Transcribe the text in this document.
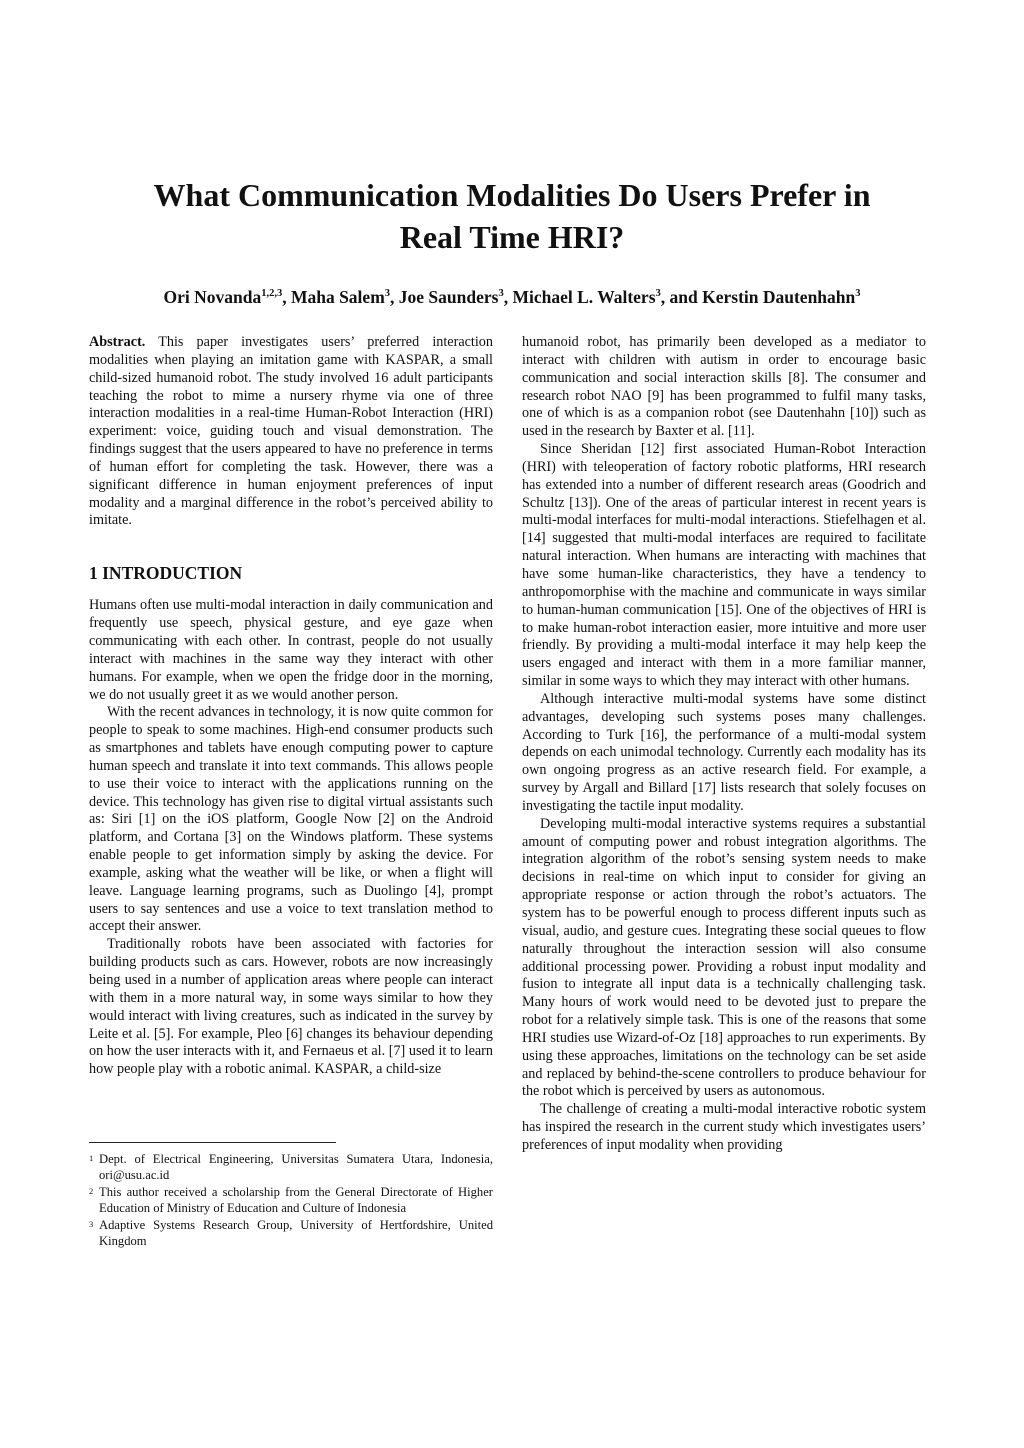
What Communication Modalities Do Users Prefer in
Real Time HRI?
Ori Novanda$^{1,2,3}$, Maha Salem$^3$, Joe Saunders$^3$, Michael L. Walters$^3$, and Kerstin Dautenhahn$^3$

Abstract. This paper investigates users’ preferred interaction modalities when playing an imitation game with KASPAR, a small child-sized humanoid robot. The study involved 16 adult participants teaching the robot to mime a nursery rhyme via one of three interaction modalities in a real-time Human-Robot Interaction (HRI) experiment: voice, guiding touch and visual demonstration. The findings suggest that the users appeared to have no preference in terms of human effort for completing the task. However, there was a significant difference in human enjoyment preferences of input modality and a marginal difference in the robot’s perceived ability to imitate.

1 INTRODUCTION

Humans often use multi-modal interaction in daily communication and frequently use speech, physical gesture, and eye gaze when communicating with each other. In contrast, people do not usually interact with machines in the same way they interact with other humans. For example, when we open the fridge door in the morning, we do not usually greet it as we would another person.

With the recent advances in technology, it is now quite common for people to speak to some machines. High-end consumer products such as smartphones and tablets have enough computing power to capture human speech and translate it into text commands. This allows people to use their voice to interact with the applications running on the device. This technology has given rise to digital virtual assistants such as: Siri [1] on the iOS platform, Google Now [2] on the Android platform, and Cortana [3] on the Windows platform. These systems enable people to get information simply by asking the device. For example, asking what the weather will be like, or when a flight will leave. Language learning programs, such as Duolingo [4], prompt users to say sentences and use a voice to text translation method to accept their answer.

Traditionally robots have been associated with factories for building products such as cars. However, robots are now increasingly being used in a number of application areas where people can interact with them in a more natural way, in some ways similar to how they would interact with living creatures, such as indicated in the survey by Leite et al. [5]. For example, Pleo [6] changes its behaviour depending on how the user interacts with it, and Fernaeus et al. [7] used it to learn how people play with a robotic animal. KASPAR, a child-size

humanoid robot, has primarily been developed as a mediator to interact with children with autism in order to encourage basic communication and social interaction skills [8]. The consumer and research robot NAO [9] has been programmed to fulfil many tasks, one of which is as a companion robot (see Dautenhahn [10]) such as used in the research by Baxter et al. [11].

Since Sheridan [12] first associated Human-Robot Interaction (HRI) with teleoperation of factory robotic platforms, HRI research has extended into a number of different research areas (Goodrich and Schultz [13]). One of the areas of particular interest in recent years is multi-modal interfaces for multi-modal interactions. Stiefelhagen et al. [14] suggested that multi-modal interfaces are required to facilitate natural interaction. When humans are interacting with machines that have some human-like characteristics, they have a tendency to anthropomorphise with the machine and communicate in ways similar to human-human communication [15]. One of the objectives of HRI is to make human-robot interaction easier, more intuitive and more user friendly. By providing a multi-modal interface it may help keep the users engaged and interact with them in a more familiar manner, similar in some ways to which they may interact with other humans.

Although interactive multi-modal systems have some distinct advantages, developing such systems poses many challenges. According to Turk [16], the performance of a multi-modal system depends on each unimodal technology. Currently each modality has its own ongoing progress as an active research field. For example, a survey by Argall and Billard [17] lists research that solely focuses on investigating the tactile input modality.

Developing multi-modal interactive systems requires a substantial amount of computing power and robust integration algorithms. The integration algorithm of the robot’s sensing system needs to make decisions in real-time on which input to consider for giving an appropriate response or action through the robot’s actuators. The system has to be powerful enough to process different inputs such as visual, audio, and gesture cues. Integrating these social queues to flow naturally throughout the interaction session will also consume additional processing power. Providing a robust input modality and fusion to integrate all input data is a technically challenging task. Many hours of work would need to be devoted just to prepare the robot for a relatively simple task. This is one of the reasons that some HRI studies use Wizard-of-Oz [18] approaches to run experiments. By using these approaches, limitations on the technology can be set aside and replaced by behind-the-scene controllers to produce behaviour for the robot which is perceived by users as autonomous.

The challenge of creating a multi-modal interactive robotic system has inspired the research in the current study which investigates users’ preferences of input modality when providing

1 Dept. of Electrical Engineering, Universitas Sumatera Utara, Indonesia, ori@usu.ac.id
2 This author received a scholarship from the General Directorate of Higher Education of Ministry of Education and Culture of Indonesia
3 Adaptive Systems Research Group, University of Hertfordshire, United Kingdom
